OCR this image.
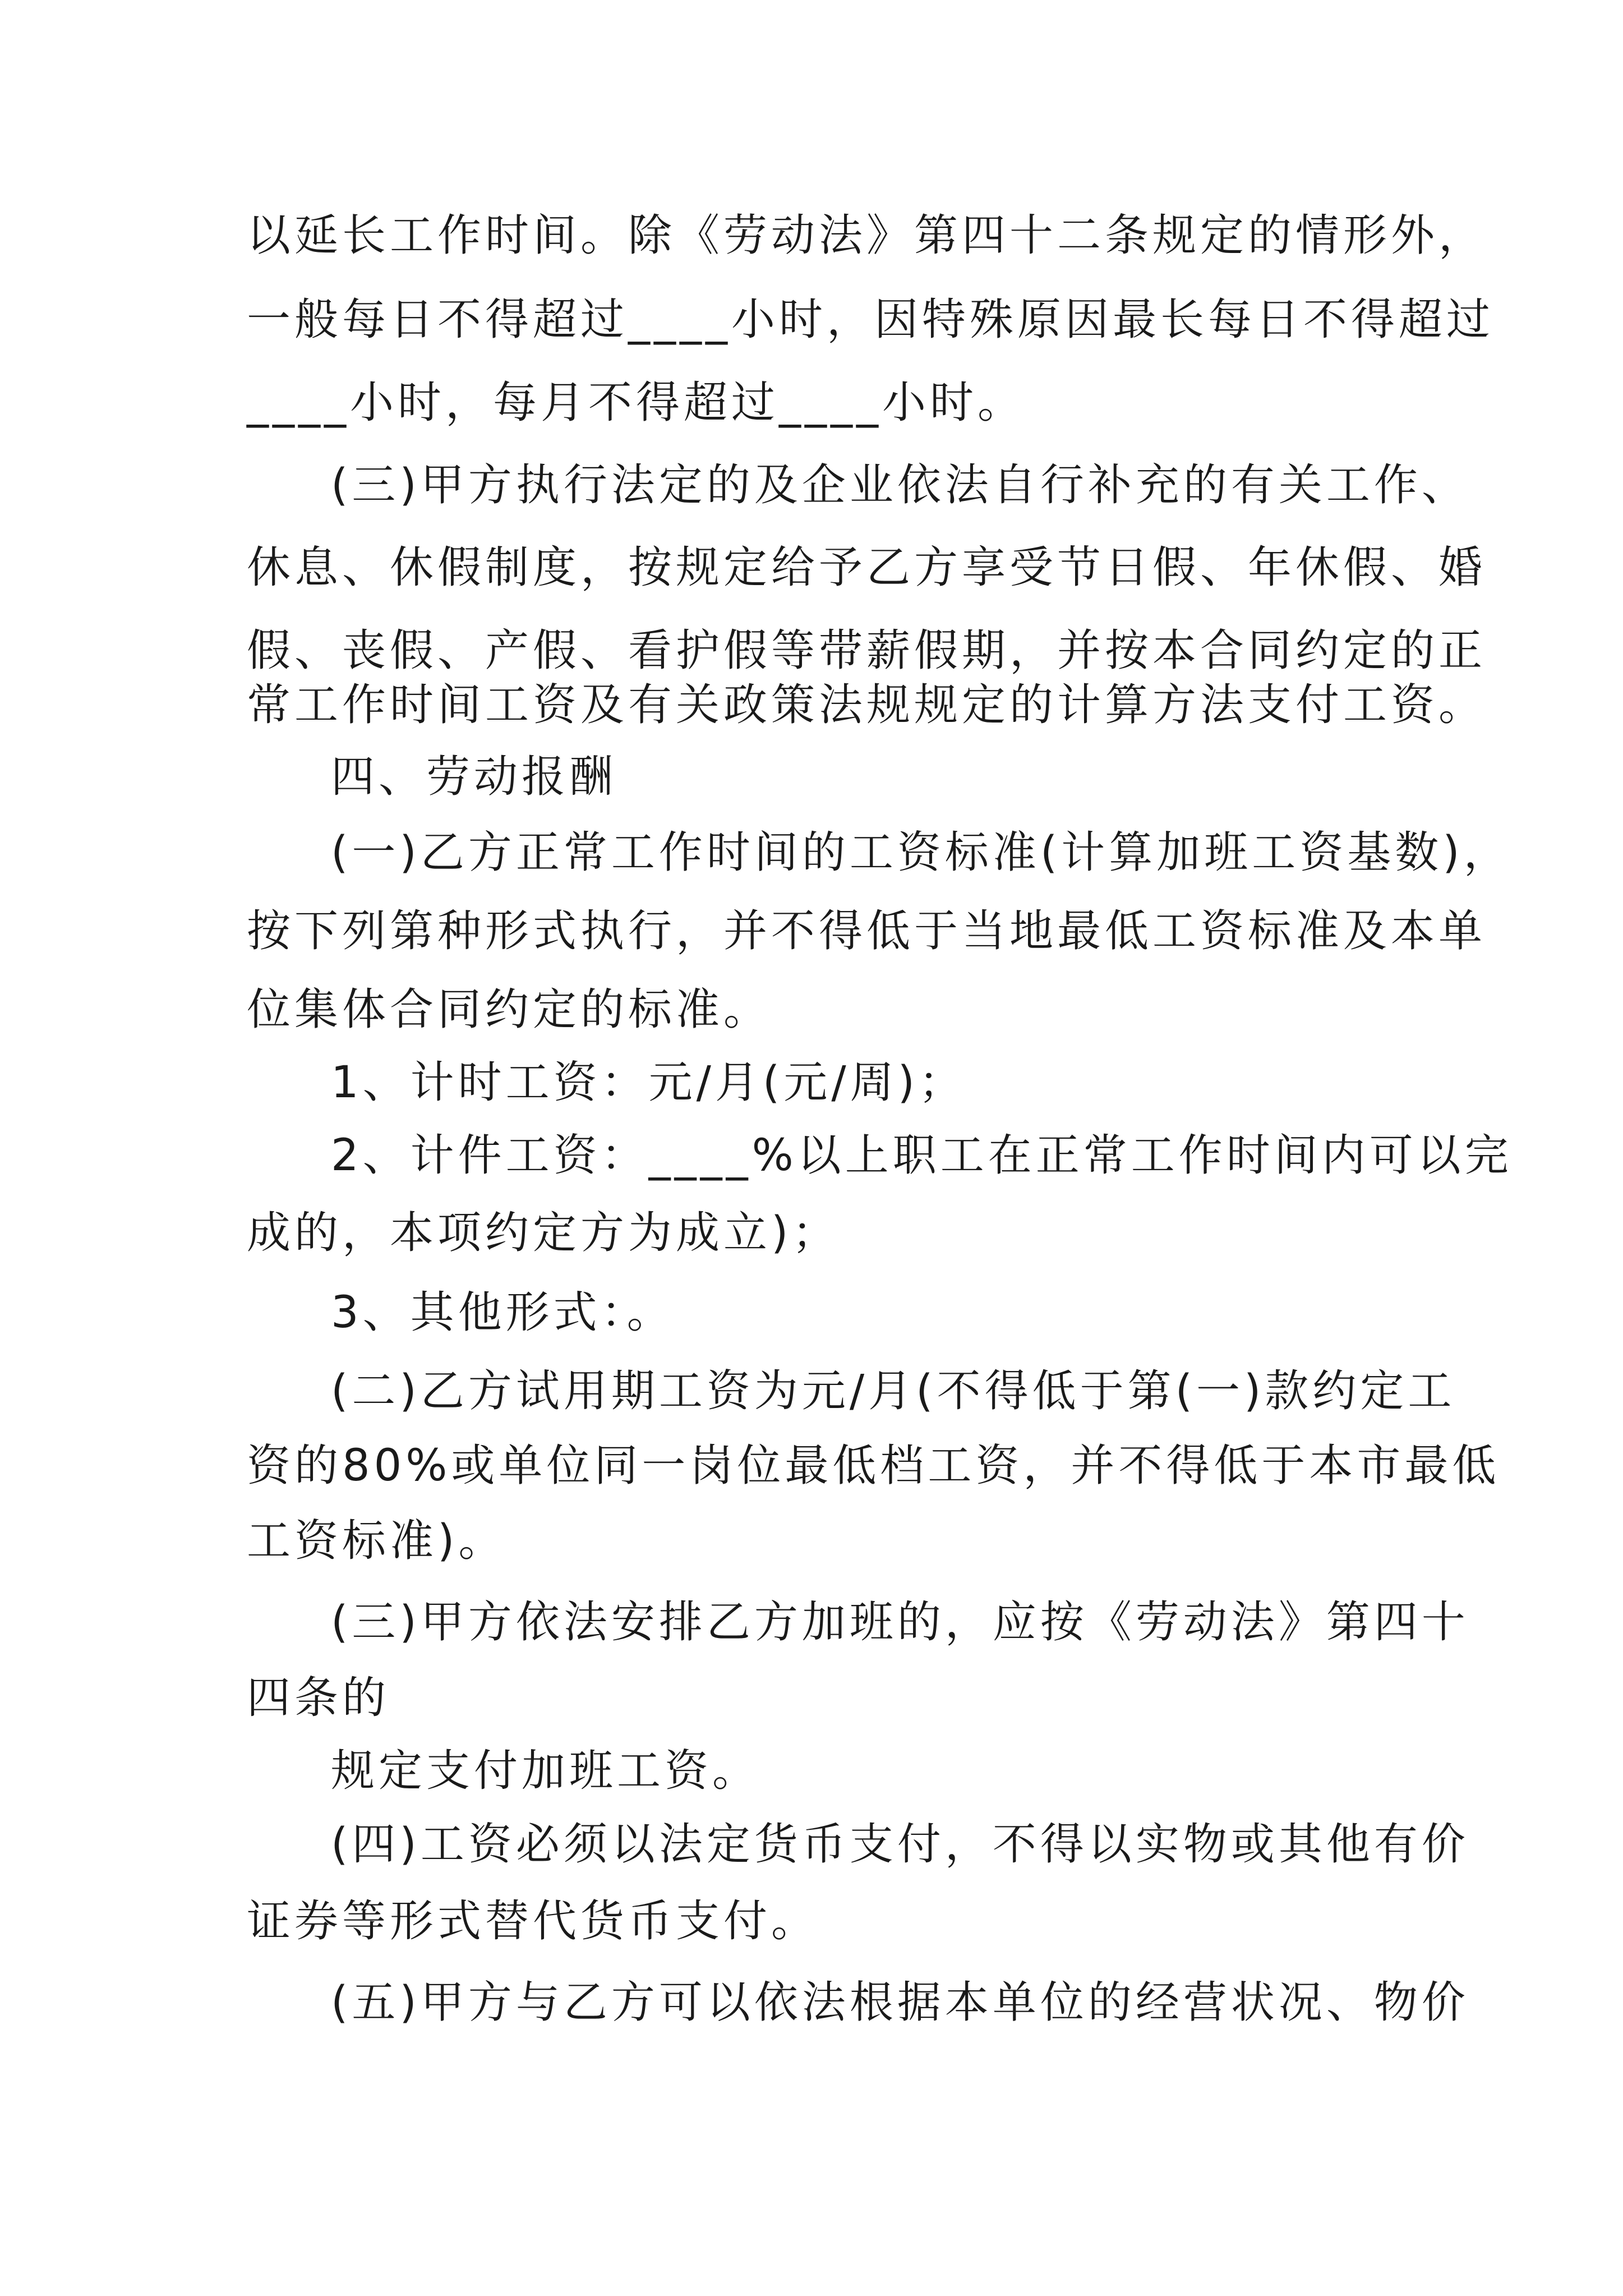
以延长工作时间。除《劳动法》第四十二条规定的情形外，
一般每日不得超过____小时，因特殊原因最长每日不得超过
____小时，每月不得超过____小时。
(三)甲方执行法定的及企业依法自行补充的有关工作、
休息、休假制度，按规定给予乙方享受节日假、年休假、婚
假、丧假、产假、看护假等带薪假期，并按本合同约定的正
常工作时间工资及有关政策法规规定的计算方法支付工资。
四、劳动报酬
(一)乙方正常工作时间的工资标准(计算加班工资基数)，
按下列第种形式执行，并不得低于当地最低工资标准及本单
位集体合同约定的标准。
1、计时工资：元/月(元/周)；
2、计件工资：____%以上职工在正常工作时间内可以完
成的，本项约定方为成立)；
3、其他形式：。
(二)乙方试用期工资为元/月(不得低于第(一)款约定工
资的80%或单位同一岗位最低档工资，并不得低于本市最低
工资标准)。
(三)甲方依法安排乙方加班的，应按《劳动法》第四十
四条的
规定支付加班工资。
(四)工资必须以法定货币支付，不得以实物或其他有价
证券等形式替代货币支付。
(五)甲方与乙方可以依法根据本单位的经营状况、物价
